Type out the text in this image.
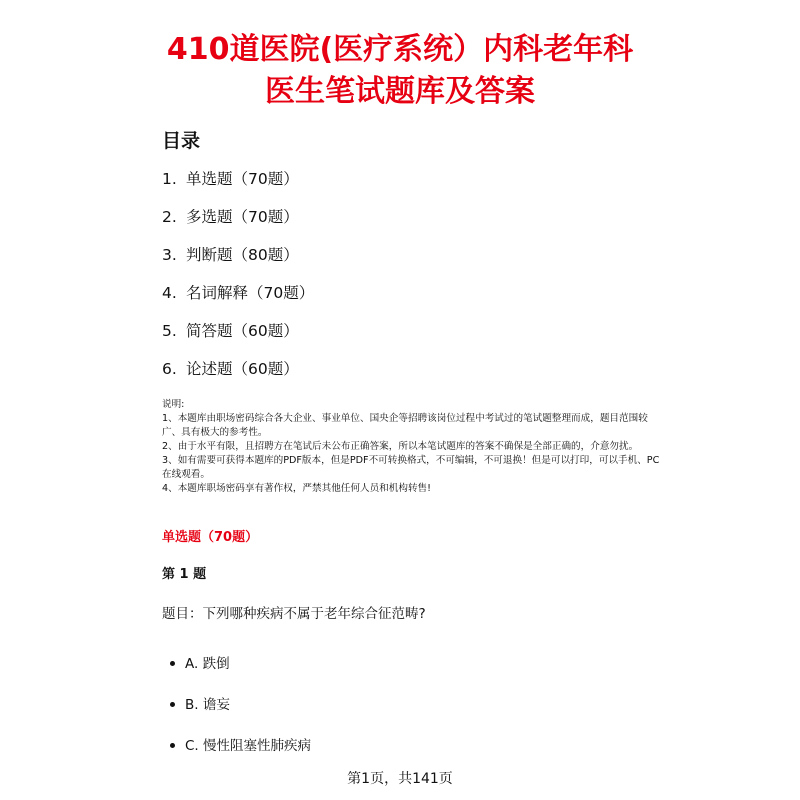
410道医院(医疗系统）内科老年科
医生笔试题库及答案
目录
1. 单选题（70题）
2. 多选题（70题）
3. 判断题（80题）
4. 名词解释（70题）
5. 简答题（60题）
6. 论述题（60题）
说明:
1、本题库由职场密码综合各大企业、事业单位、国央企等招聘该岗位过程中考试过的笔试题整理而成，题目范围较广、具有极大的参考性。
2、由于水平有限，且招聘方在笔试后未公布正确答案，所以本笔试题库的答案不确保是全部正确的，介意勿扰。
3、如有需要可获得本题库的PDF版本，但是PDF不可转换格式，不可编辑，不可退换！但是可以打印，可以手机、PC在线观看。
4、本题库职场密码享有著作权，严禁其他任何人员和机构转售!
单选题（70题）
第 1 题
题目：下列哪种疾病不属于老年综合征范畴?
A. 跌倒
B. 谵妄
C. 慢性阻塞性肺疾病
第1页，共141页
